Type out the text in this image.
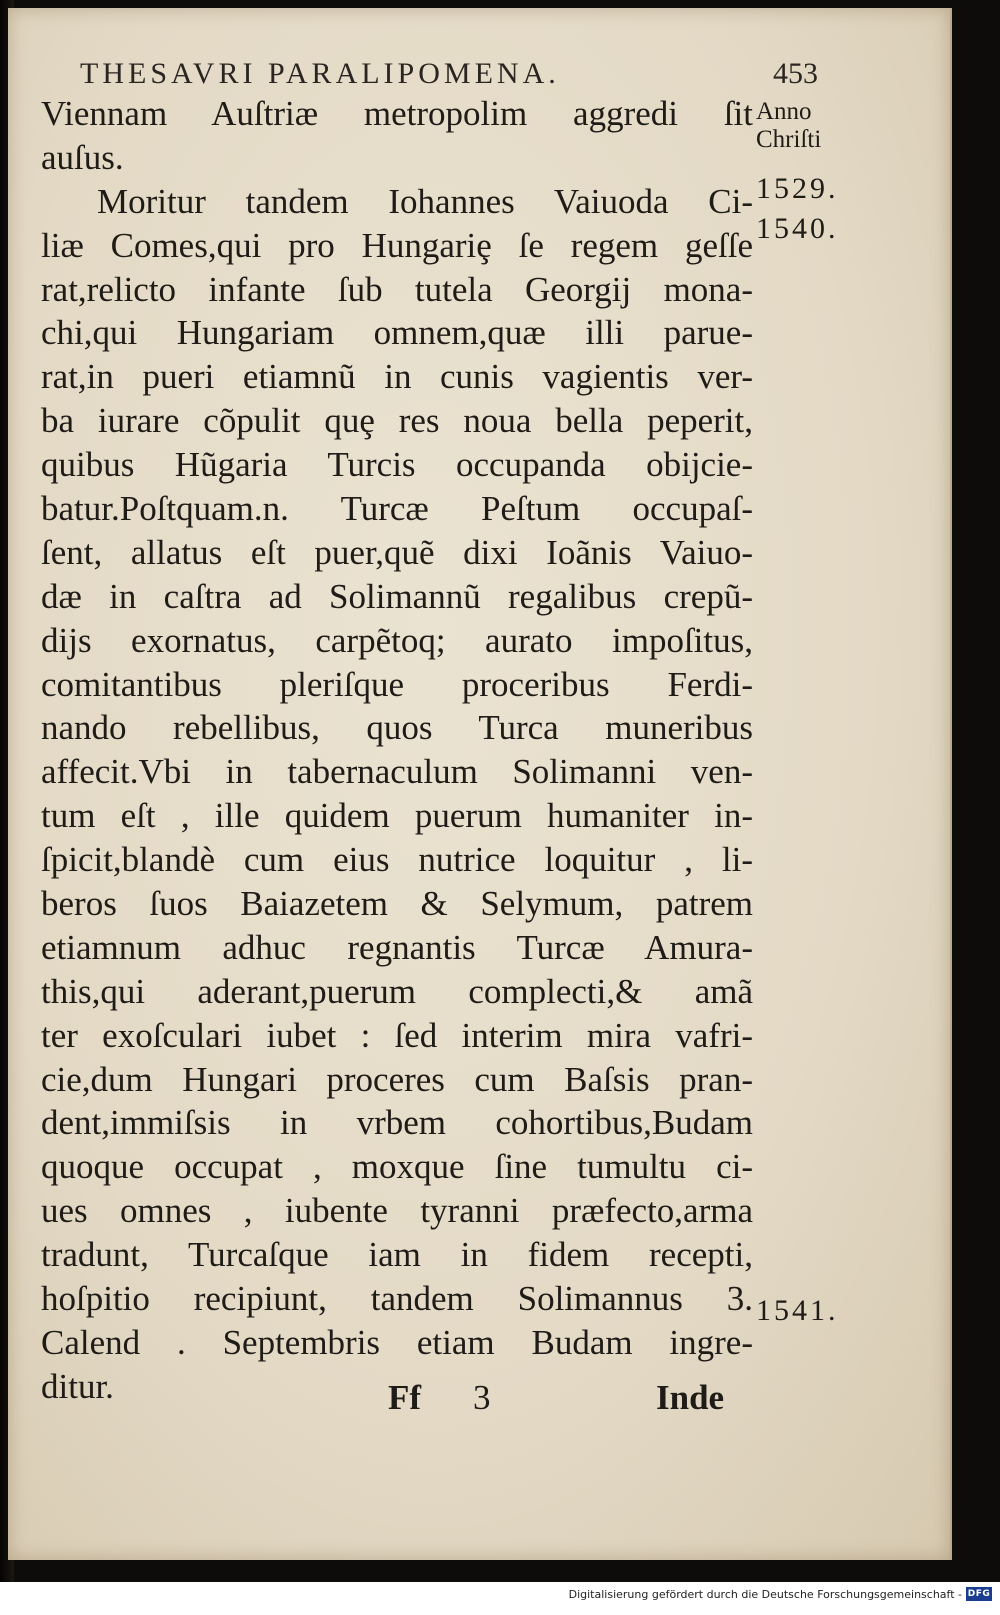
THESAVRI PARALIPOMENA.	453
Viennam Auſtriæ metropolim aggredi ſit
auſus.
Moritur tandem Iohannes Vaiuoda Ci-
liæ Comes,qui pro Hungariȩ ſe regem geſſe
rat,relicto infante ſub tutela Georgij mona-
chi,qui Hungariam omnem,quæ illi parue-
rat,in pueri etiamnũ in cunis vagientis ver-
ba iurare cõpulit quȩ res noua bella peperit,
quibus Hũgaria Turcis occupanda obijcie-
batur.Poſtquam.n. Turcæ Peſtum occupaſ-
ſent, allatus eſt puer,quẽ dixi Ioãnis Vaiuo-
dæ in caſtra ad Solimannũ regalibus crepũ-
dijs exornatus, carpẽtoq; aurato impoſitus,
comitantibus pleriſque proceribus Ferdi-
nando rebellibus, quos Turca muneribus
affecit.Vbi in tabernaculum Solimanni ven-
tum eſt , ille quidem puerum humaniter in-
ſpicit,blandè cum eius nutrice loquitur , li-
beros ſuos Baiazetem & Selymum, patrem
etiamnum adhuc regnantis Turcæ Amura-
this,qui aderant,puerum complecti,& amã
ter exoſculari iubet : ſed interim mira vafri-
cie,dum Hungari proceres cum Baſsis pran-
dent,immiſsis in vrbem cohortibus,Budam
quoque occupat , moxque ſine tumultu ci-
ues omnes , iubente tyranni præfecto,arma
tradunt, Turcaſque iam in fidem recepti,
hoſpitio recipiunt, tandem Solimannus 3.
Calend . Septembris etiam Budam ingre-
ditur.
Anno
Chriſti
1529.
1540.
1541.
Ff 3	Inde
Digitalisierung gefördert durch die Deutsche Forschungsgemeinschaft - DFG
